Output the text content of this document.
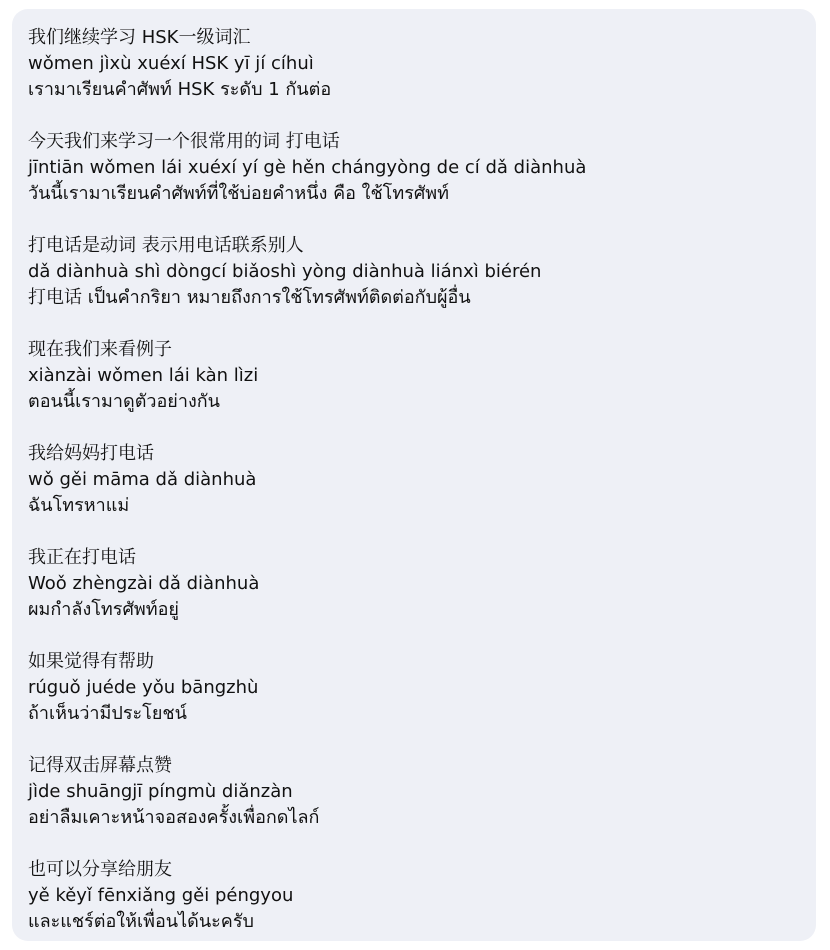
我们继续学习 HSK一级词汇
wǒmen jìxù xuéxí HSK yī jí cíhuì
เรามาเรียนคำศัพท์ HSK ระดับ 1 กันต่อ
今天我们来学习一个很常用的词 打电话
jīntiān wǒmen lái xuéxí yí gè hěn chángyòng de cí dǎ diànhuà
วันนี้เรามาเรียนคำศัพท์ที่ใช้บ่อยคำหนึ่ง คือ ใช้โทรศัพท์
打电话是动词 表示用电话联系别人
dǎ diànhuà shì dòngcí biǎoshì yòng diànhuà liánxì biérén
打电话 เป็นคำกริยา หมายถึงการใช้โทรศัพท์ติดต่อกับผู้อื่น
现在我们来看例子
xiànzài wǒmen lái kàn lìzi
ตอนนี้เรามาดูตัวอย่างกัน
我给妈妈打电话
wǒ gěi māma dǎ diànhuà
ฉันโทรหาแม่
我正在打电话
Woǒ zhèngzài dǎ diànhuà
ผมกำลังโทรศัพท์อยู่
如果觉得有帮助
rúguǒ juéde yǒu bāngzhù
ถ้าเห็นว่ามีประโยชน์
记得双击屏幕点赞
jìde shuāngjī píngmù diǎnzàn
อย่าลืมเคาะหน้าจอสองครั้งเพื่อกดไลก์
也可以分享给朋友
yě kěyǐ fēnxiǎng gěi péngyou
และแชร์ต่อให้เพื่อนได้นะครับ
